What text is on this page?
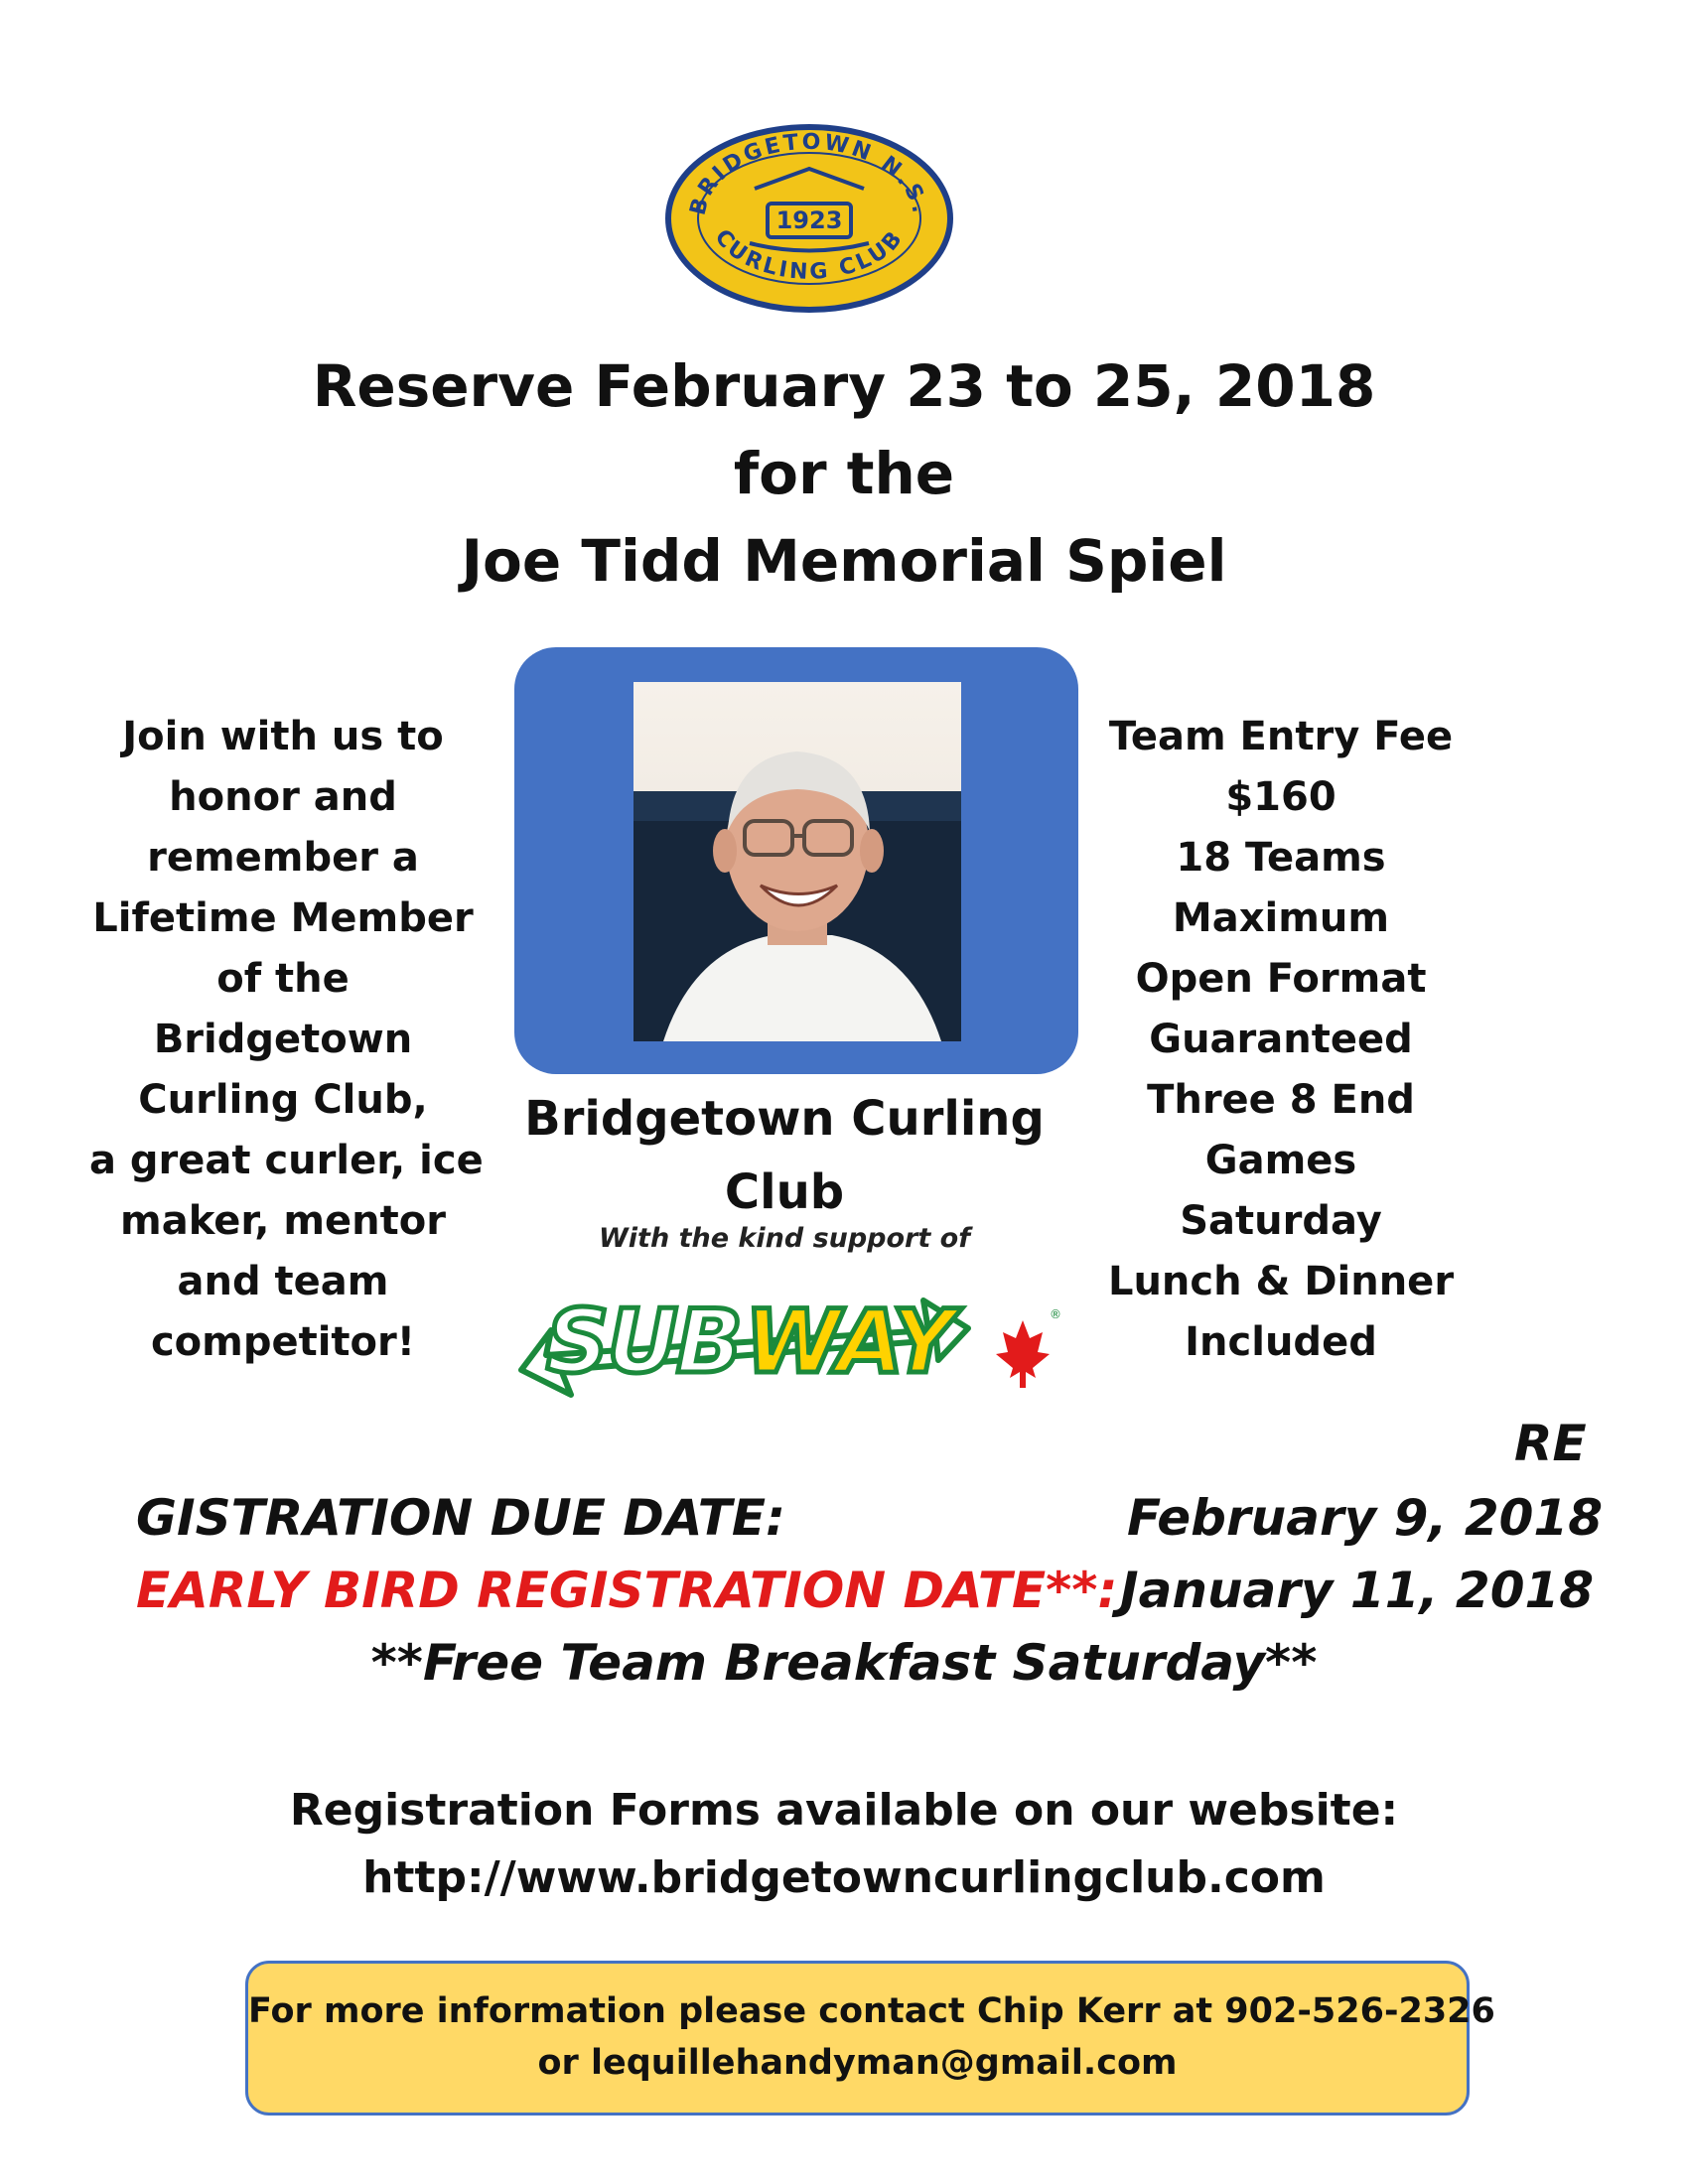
BRIDGETOWN N.S.
CURLING CLUB
1923
Reserve February 23 to 25, 2018
for the
Joe Tidd Memorial Spiel
Join with us to
honor and
remember a
Lifetime Member
of the
Bridgetown
Curling Club,
a great curler, ice
maker, mentor
and team
competitor!
Team Entry Fee
$160
18 Teams
Maximum
Open Format
Guaranteed
Three 8 End
Games
Saturday
Lunch & Dinner
Included
Bridgetown Curling
Club
With the kind support of
SUB WAY	®
RE
GISTRATION DUE DATE:	February 9, 2018
EARLY BIRD REGISTRATION DATE**: January 11, 2018
**Free Team Breakfast Saturday**
Registration Forms available on our website:
http://www.bridgetowncurlingclub.com
For more information please contact Chip Kerr at 902-526-2326
or lequillehandyman@gmail.com
